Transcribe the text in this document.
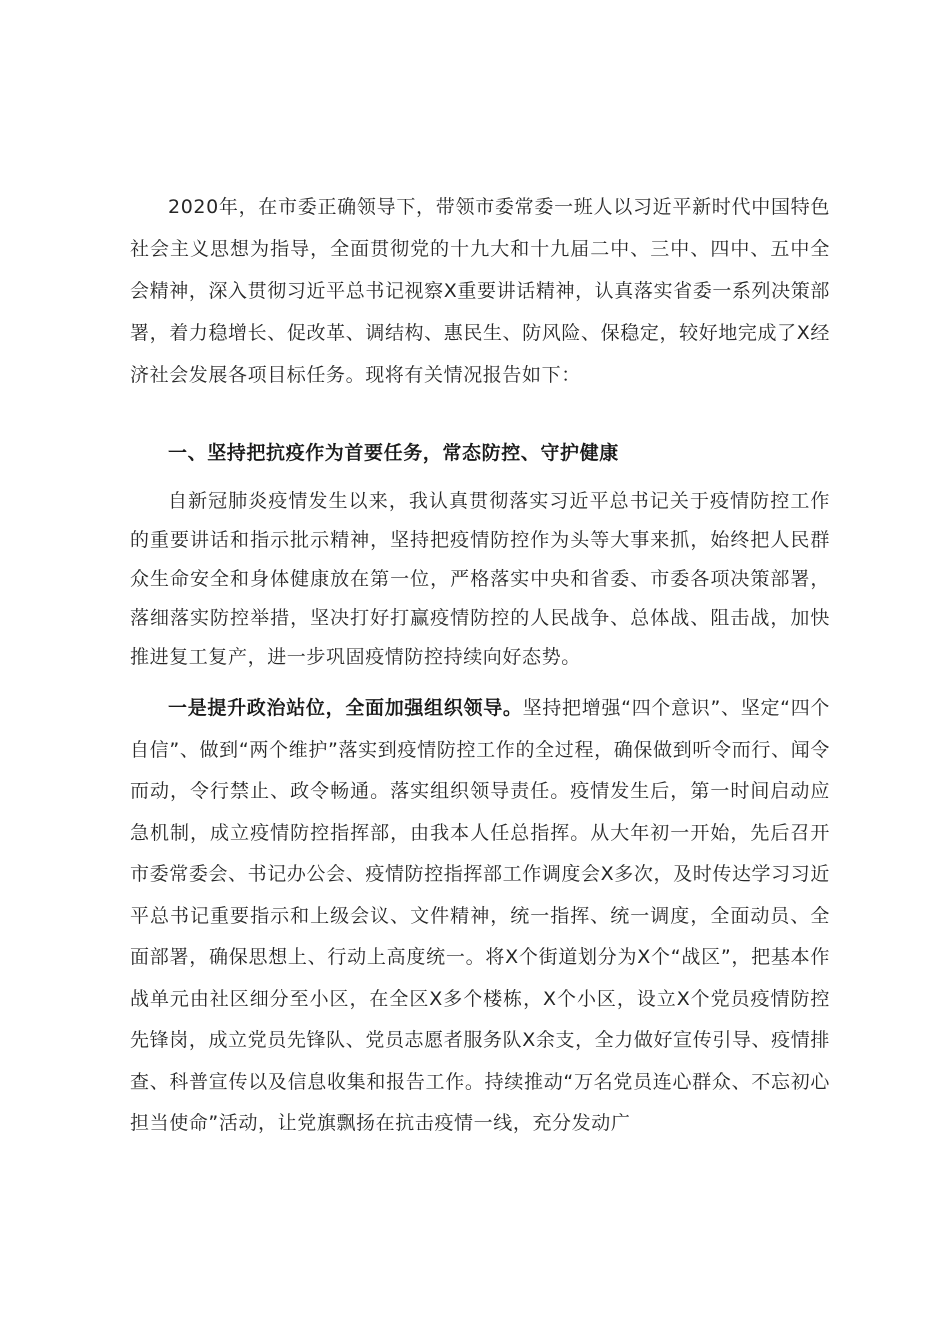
2020年，在市委正确领导下，带领市委常委一班人以习近平新时代中国特色社会主义思想为指导，全面贯彻党的十九大和十九届二中、三中、四中、五中全会精神，深入贯彻习近平总书记视察X重要讲话精神，认真落实省委一系列决策部署，着力稳增长、促改革、调结构、惠民生、防风险、保稳定，较好地完成了X经济社会发展各项目标任务。现将有关情况报告如下：

一、坚持把抗疫作为首要任务，常态防控、守护健康

自新冠肺炎疫情发生以来，我认真贯彻落实习近平总书记关于疫情防控工作的重要讲话和指示批示精神，坚持把疫情防控作为头等大事来抓，始终把人民群众生命安全和身体健康放在第一位，严格落实中央和省委、市委各项决策部署，落细落实防控举措，坚决打好打赢疫情防控的人民战争、总体战、阻击战，加快推进复工复产，进一步巩固疫情防控持续向好态势。

一是提升政治站位，全面加强组织领导。坚持把增强“四个意识”、坚定“四个自信”、做到“两个维护”落实到疫情防控工作的全过程，确保做到听令而行、闻令而动，令行禁止、政令畅通。落实组织领导责任。疫情发生后，第一时间启动应急机制，成立疫情防控指挥部，由我本人任总指挥。从大年初一开始，先后召开市委常委会、书记办公会、疫情防控指挥部工作调度会X多次，及时传达学习习近平总书记重要指示和上级会议、文件精神，统一指挥、统一调度，全面动员、全面部署，确保思想上、行动上高度统一。将X个街道划分为X个“战区”，把基本作战单元由社区细分至小区，在全区X多个楼栋，X个小区，设立X个党员疫情防控先锋岗，成立党员先锋队、党员志愿者服务队X余支，全力做好宣传引导、疫情排查、科普宣传以及信息收集和报告工作。持续推动“万名党员连心群众、不忘初心担当使命”活动，让党旗飘扬在抗击疫情一线，充分发动广
